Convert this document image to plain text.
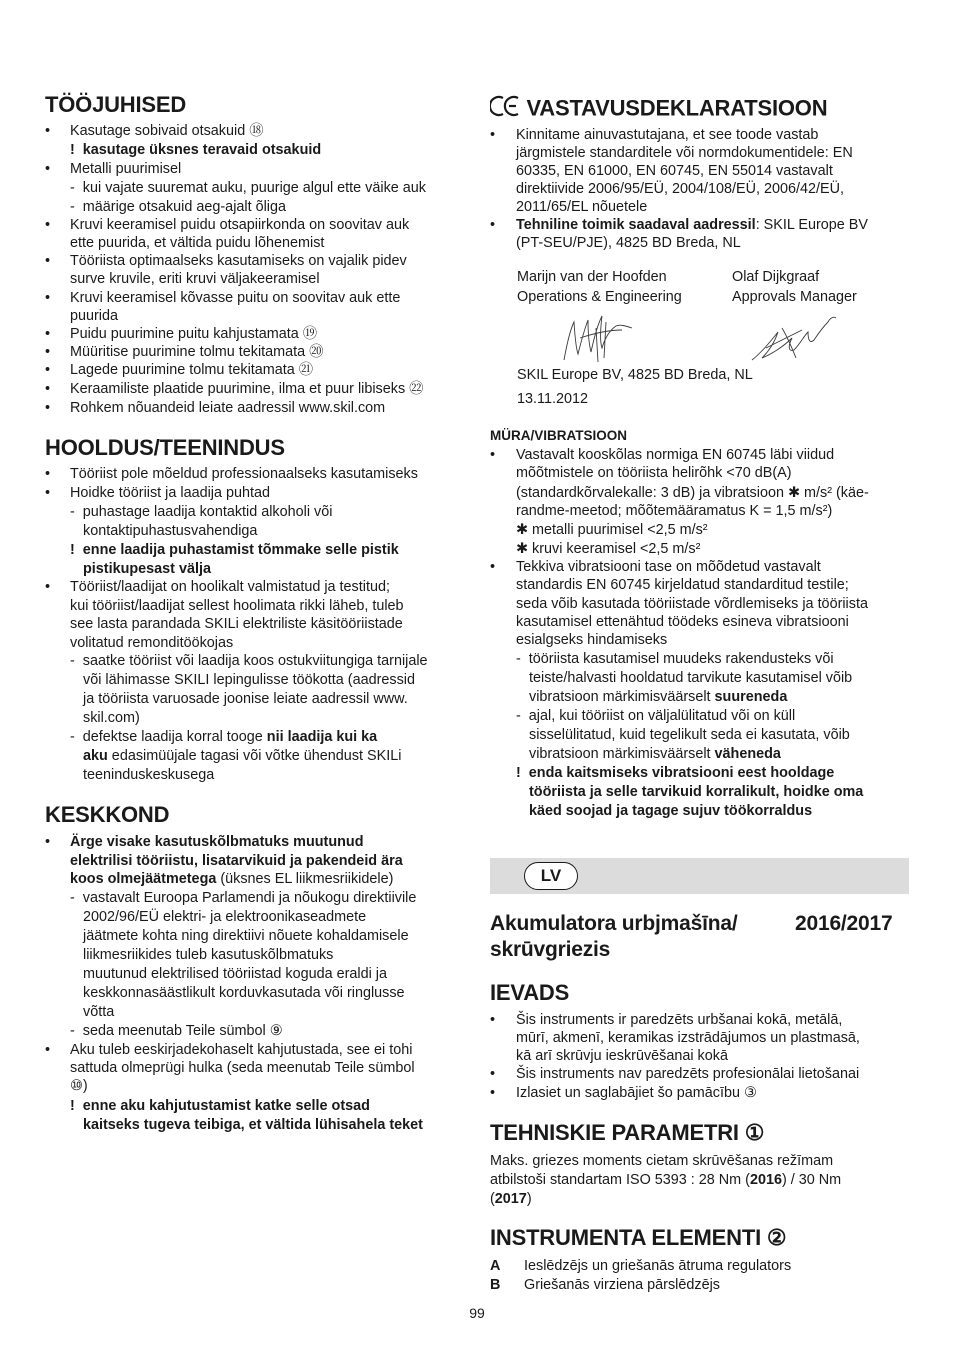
TÖÖJUHISED
• Kasutage sobivaid otsakuid ⑱
!  kasutage üksnes teravaid otsakuid
• Metalli puurimisel
-  kui vajate suuremat auku, puurige algul ette väike auk
-  määrige otsakuid aeg-ajalt õliga
• Kruvi keeramisel puidu otsapiirkonda on soovitav auk
ette puurida, et vältida puidu lõhenemist
• Tööriista optimaalseks kasutamiseks on vajalik pidev
surve kruvile, eriti kruvi väljakeeramisel
• Kruvi keeramisel kõvasse puitu on soovitav auk ette
puurida
• Puidu puurimine puitu kahjustamata ⑲
• Müüritise puurimine tolmu tekitamata ⑳
• Lagede puurimine tolmu tekitamata ㉑
• Keraamiliste plaatide puurimine, ilma et puur libiseks ㉒
• Rohkem nõuandeid leiate aadressil www.skil.com
HOOLDUS/TEENINDUS
• Tööriist pole mõeldud professionaalseks kasutamiseks
• Hoidke tööriist ja laadija puhtad
-  puhastage laadija kontaktid alkoholi või
kontaktipuhastusvahendiga
!  enne laadija puhastamist tõmmake selle pistik
pistikupesast välja
• Tööriist/laadijat on hoolikalt valmistatud ja testitud;
kui tööriist/laadijat sellest hoolimata rikki läheb, tuleb
see lasta parandada SKILi elektriliste käsitööriistade
volitatud remonditöökojas
-  saatke tööriist või laadija koos ostukviitungiga tarnijale
või lähimasse SKILI lepingulisse töökotta (aadressid
ja tööriista varuosade joonise leiate aadressil www.
skil.com)
-  defektse laadija korral tooge nii laadija kui ka
aku edasimüüjale tagasi või võtke ühendust SKILi
teeninduskeskusega
KESKKOND
• Ärge visake kasutuskõlbmatuks muutunud
elektrilisi tööriistu, lisatarvikuid ja pakendeid ära
koos olmejäätmetega (üksnes EL liikmesriikidele)
-  vastavalt Euroopa Parlamendi ja nõukogu direktiivile
2002/96/EÜ elektri- ja elektroonikaseadmete
jäätmete kohta ning direktiivi nõuete kohaldamisele
liikmesriikides tuleb kasutuskõlbmatuks
muutunud elektrilised tööriistad koguda eraldi ja
keskkonnasäästlikult korduvkasutada või ringlusse
võtta
-  seda meenutab Teile sümbol ⑨
• Aku tuleb eeskirjadekohaselt kahjutustada, see ei tohi
sattuda olmeprügi hulka (seda meenutab Teile sümbol
⑩)
!  enne aku kahjutustamist katke selle otsad
kaitseks tugeva teibiga, et vältida lühisahela teket
VASTAVUSDEKLARATSIOON
• Kinnitame ainuvastutajana, et see toode vastab
järgmistele standarditele või normdokumentidele: EN
60335, EN 61000, EN 60745, EN 55014 vastavalt
direktiivide 2006/95/EÜ, 2004/108/EÜ, 2006/42/EÜ,
2011/65/EL nõuetele
• Tehniline toimik saadaval aadressil: SKIL Europe BV
(PT-SEU/PJE), 4825 BD Breda, NL
Marijn van der Hoofden
Operations & Engineering
Olaf Dijkgraaf
Approvals Manager
SKIL Europe BV, 4825 BD Breda, NL
13.11.2012
MÜRA/VIBRATSIOON
• Vastavalt kooskõlas normiga EN 60745 läbi viidud
mõõtmistele on tööriista helirõhk <70 dB(A)
(standardkõrvalekalle: 3 dB) ja vibratsioon ✱ m/s² (käe-
randme-meetod; mõõtemääramatus K = 1,5 m/s²)
✱ metalli puurimisel <2,5 m/s²
✱ kruvi keeramisel <2,5 m/s²
• Tekkiva vibratsiooni tase on mõõdetud vastavalt
standardis EN 60745 kirjeldatud standarditud testile;
seda võib kasutada tööriistade võrdlemiseks ja tööriista
kasutamisel ettenähtud töödeks esineva vibratsiooni
esialgseks hindamiseks
-  tööriista kasutamisel muudeks rakendusteks või
teiste/halvasti hooldatud tarvikute kasutamisel võib
vibratsioon märkimisväärselt suureneda
-  ajal, kui tööriist on väljalülitatud või on küll
sisselülitatud, kuid tegelikult seda ei kasutata, võib
vibratsioon märkimisväärselt väheneda
!  enda kaitsmiseks vibratsiooni eest hooldage
tööriista ja selle tarvikuid korralikult, hoidke oma
käed soojad ja tagage sujuv töökorraldus
LV
Akumulatora urbjmašīna/
skrūvgriezis
2016/2017
IEVADS
• Šis instruments ir paredzēts urbšanai kokā, metālā,
mūrī, akmenī, keramikas izstrādājumos un plastmasā,
kā arī skrūvju ieskrūvēšanai kokā
• Šis instruments nav paredzēts profesionālai lietošanai
• Izlasiet un saglabājiet šo pamācību ③
TEHNISKIE PARAMETRI ①
Maks. griezes moments cietam skrūvēšanas režīmam
atbilstoši standartam ISO 5393 : 28 Nm (2016) / 30 Nm
(2017)
INSTRUMENTA ELEMENTI ②
A Ieslēdzējs un griešanās ātruma regulators
B Griešanās virziena pārslēdzējs
99
